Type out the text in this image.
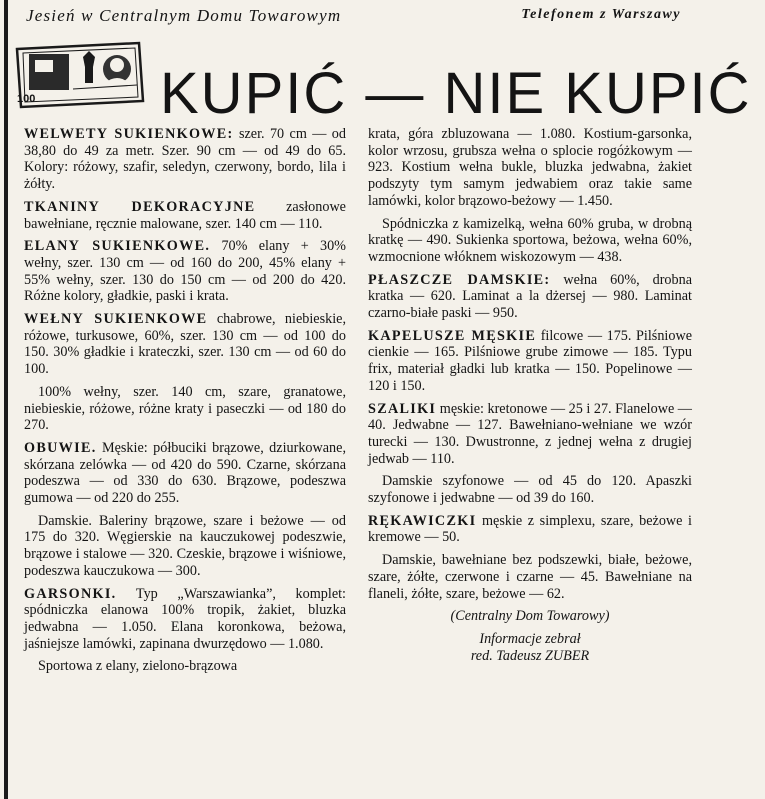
Jesień w Centralnym Domu Towarowym	Telefonem z Warszawy
100 KUPIĆ — NIE KUPIĆ

WELWETY SUKIENKOWE: szer. 70 cm — od 38,80 do 49 za metr. Szer. 90 cm — od 49 do 65. Kolory: różowy, szafir, seledyn, czerwony, bordo, lila i żółty.

TKANINY DEKORACYJNE zasłonowe bawełniane, ręcznie malowane, szer. 140 cm — 110.

ELANY SUKIENKOWE. 70% elany + 30% wełny, szer. 130 cm — od 160 do 200, 45% elany + 55% wełny, szer. 130 do 150 cm — od 200 do 420. Różne kolory, gładkie, paski i krata.

WEŁNY SUKIENKOWE chabrowe, niebieskie, różowe, turkusowe, 60%, szer. 130 cm — od 100 do 150. 30% gładkie i krateczki, szer. 130 cm — od 60 do 100.

100% wełny, szer. 140 cm, szare, granatowe, niebieskie, różowe, różne kraty i paseczki — od 180 do 270.

OBUWIE. Męskie: półbuciki brązowe, dziurkowane, skórzana zelówka — od 420 do 590. Czarne, skórzana podeszwa — od 330 do 630. Brązowe, podeszwa gumowa — od 220 do 255.

Damskie. Baleriny brązowe, szare i beżowe — od 175 do 320. Węgierskie na kauczukowej podeszwie, brązowe i stalowe — 320. Czeskie, brązowe i wiśniowe, podeszwa kauczukowa — 300.

GARSONKI. Typ „Warszawianka”, komplet: spódniczka elanowa 100% tropik, żakiet, bluzka jedwabna — 1.050. Elana koronkowa, beżowa, jaśniejsze lamówki, zapinana dwurzędowo — 1.080.

Sportowa z elany, zielono-brązowa

krata, góra zbluzowana — 1.080. Kostium-garsonka, kolor wrzosu, grubsza wełna o splocie rogóżkowym — 923. Kostium wełna bukle, bluzka jedwabna, żakiet podszyty tym samym jedwabiem oraz takie same lamówki, kolor brązowo-beżowy — 1.450.

Spódniczka z kamizelką, wełna 60% gruba, w drobną kratkę — 490. Sukienka sportowa, beżowa, wełna 60%, wzmocnione włóknem wiskozowym — 438.

PŁASZCZE DAMSKIE: wełna 60%, drobna kratka — 620. Laminat a la dżersej — 980. Laminat czarno-białe paski — 950.

KAPELUSZE MĘSKIE filcowe — 175. Pilśniowe cienkie — 165. Pilśniowe grube zimowe — 185. Typu frix, materiał gładki lub kratka — 150. Popelinowe — 120 i 150.

SZALIKI męskie: kretonowe — 25 i 27. Flanelowe — 40. Jedwabne — 127. Bawełniano-wełniane we wzór turecki — 130. Dwustronne, z jednej wełna z drugiej jedwab — 110.

Damskie szyfonowe — od 45 do 120. Apaszki szyfonowe i jedwabne — od 39 do 160.

RĘKAWICZKI męskie z simplexu, szare, beżowe i kremowe — 50.

Damskie, bawełniane bez podszewki, białe, beżowe, szare, żółte, czerwone i czarne — 45. Bawełniane na flaneli, żółte, szare, beżowe — 62.

(Centralny Dom Towarowy)

Informacje zebrał

red. Tadeusz ZUBER
